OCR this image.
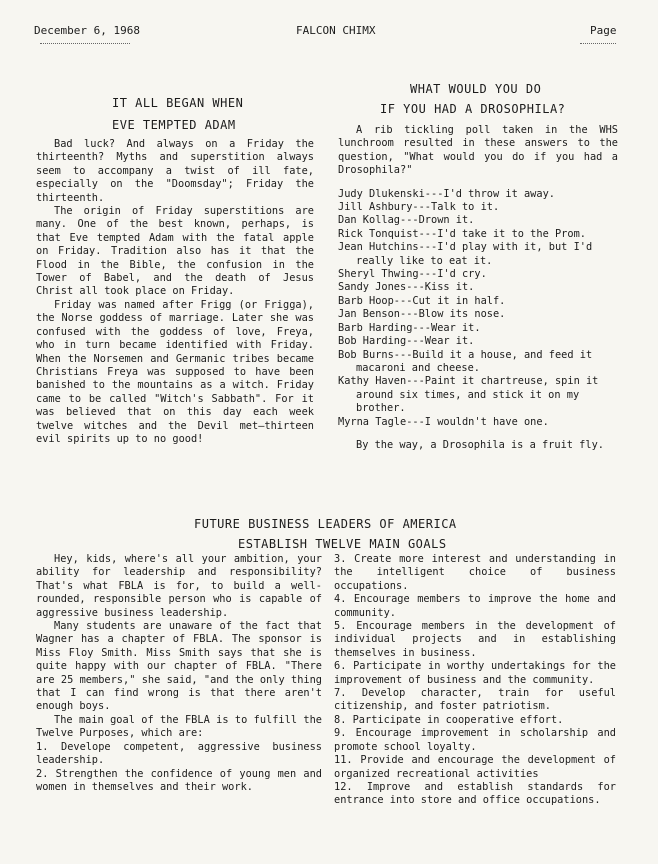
December 6, 1968	FALCON CHIMX	Page
IT ALL BEGAN WHEN
EVE TEMPTED ADAM

Bad luck? And always on a Friday the thirteenth? Myths and superstition always seem to accompany a twist of ill fate, especially on the "Doomsday"; Friday the thirteenth.

The origin of Friday superstitions are many. One of the best known, perhaps, is that Eve tempted Adam with the fatal apple on Friday. Tradition also has it that the Flood in the Bible, the confusion in the Tower of Babel, and the death of Jesus Christ all took place on Friday.

Friday was named after Frigg (or Frigga), the Norse goddess of marriage. Later she was confused with the goddess of love, Freya, who in turn became identified with Friday. When the Norsemen and Germanic tribes became Christians Freya was supposed to have been banished to the mountains as a witch. Friday came to be called "Witch's Sabbath". For it was believed that on this day each week twelve witches and the Devil met—thirteen evil spirits up to no good!

WHAT WOULD YOU DO
IF YOU HAD A DROSOPHILA?

A rib tickling poll taken in the WHS lunchroom resulted in these answers to the question, "What would you do if you had a Drosophila?"

Judy Dlukenski---I'd throw it away.

Jill Ashbury---Talk to it.

Dan Kollag---Drown it.

Rick Tonquist---I'd take it to the Prom.

Jean Hutchins---I'd play with it, but I'd really like to eat it.

Sheryl Thwing---I'd cry.

Sandy Jones---Kiss it.

Barb Hoop---Cut it in half.

Jan Benson---Blow its nose.

Barb Harding---Wear it.

Bob Harding---Wear it.

Bob Burns---Build it a house, and feed it macaroni and cheese.

Kathy Haven---Paint it chartreuse, spin it around six times, and stick it on my brother.

Myrna Tagle---I wouldn't have one.

By the way, a Drosophila is a fruit fly.

FUTURE BUSINESS LEADERS OF AMERICA
ESTABLISH TWELVE MAIN GOALS

Hey, kids, where's all your ambition, your ability for leadership and responsibility? That's what FBLA is for, to build a well-rounded, responsible person who is capable of aggressive business leadership.

Many students are unaware of the fact that Wagner has a chapter of FBLA. The sponsor is Miss Floy Smith. Miss Smith says that she is quite happy with our chapter of FBLA. "There are 25 members," she said, "and the only thing that I can find wrong is that there aren't enough boys.

The main goal of the FBLA is to fulfill the Twelve Purposes, which are:

1. Develope competent, aggressive business leadership.

2. Strengthen the confidence of young men and women in themselves and their work.

3. Create more interest and understanding in the intelligent choice of business occupations.

4. Encourage members to improve the home and community.

5. Encourage members in the development of individual projects and in establishing themselves in business.

6. Participate in worthy undertakings for the improvement of business and the community.

7. Develop character, train for useful citizenship, and foster patriotism.

8. Participate in cooperative effort.

9. Encourage improvement in scholarship and promote school loyalty.

11. Provide and encourage the development of organized recreational activities

12. Improve and establish standards for entrance into store and office occupations.
